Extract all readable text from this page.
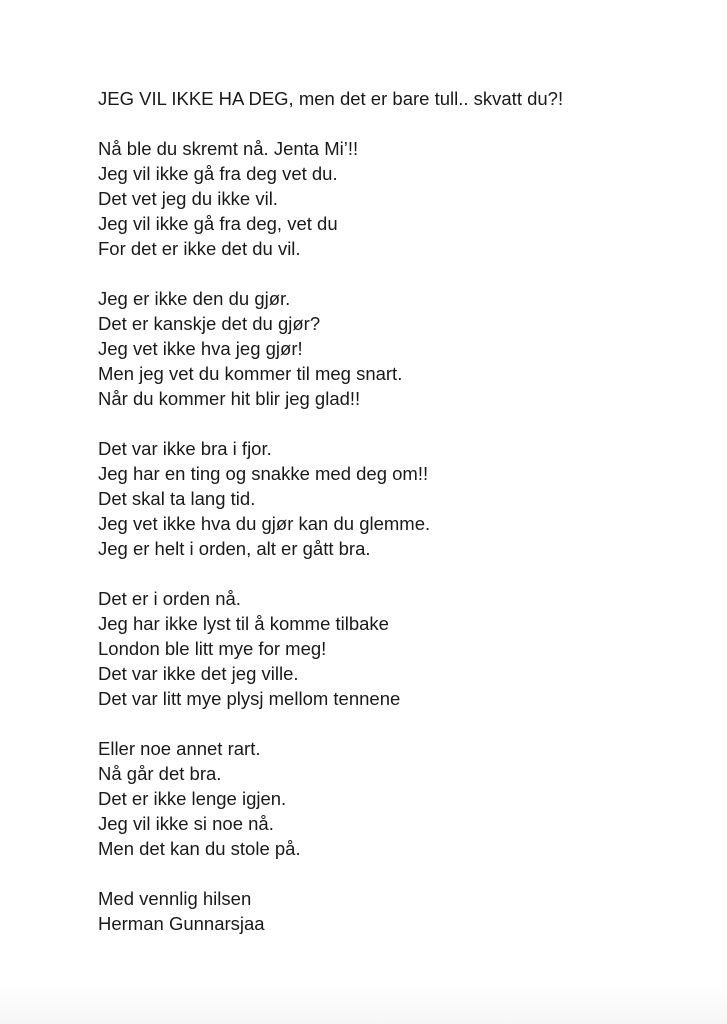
JEG VIL IKKE HA DEG, men det er bare tull.. skvatt du?!
Nå ble du skremt nå. Jenta Mi’!!
Jeg vil ikke gå fra deg vet du.
Det vet jeg du ikke vil.
Jeg vil ikke gå fra deg, vet du
For det er ikke det du vil.
Jeg er ikke den du gjør.
Det er kanskje det du gjør?
Jeg vet ikke hva jeg gjør!
Men jeg vet du kommer til meg snart.
Når du kommer hit blir jeg glad!!
Det var ikke bra i fjor.
Jeg har en ting og snakke med deg om!!
Det skal ta lang tid.
Jeg vet ikke hva du gjør kan du glemme.
Jeg er helt i orden, alt er gått bra.
Det er i orden nå.
Jeg har ikke lyst til å komme tilbake
London ble litt mye for meg!
Det var ikke det jeg ville.
Det var litt mye plysj mellom tennene
Eller noe annet rart.
Nå går det bra.
Det er ikke lenge igjen.
Jeg vil ikke si noe nå.
Men det kan du stole på.
Med vennlig hilsen
Herman Gunnarsjaa
